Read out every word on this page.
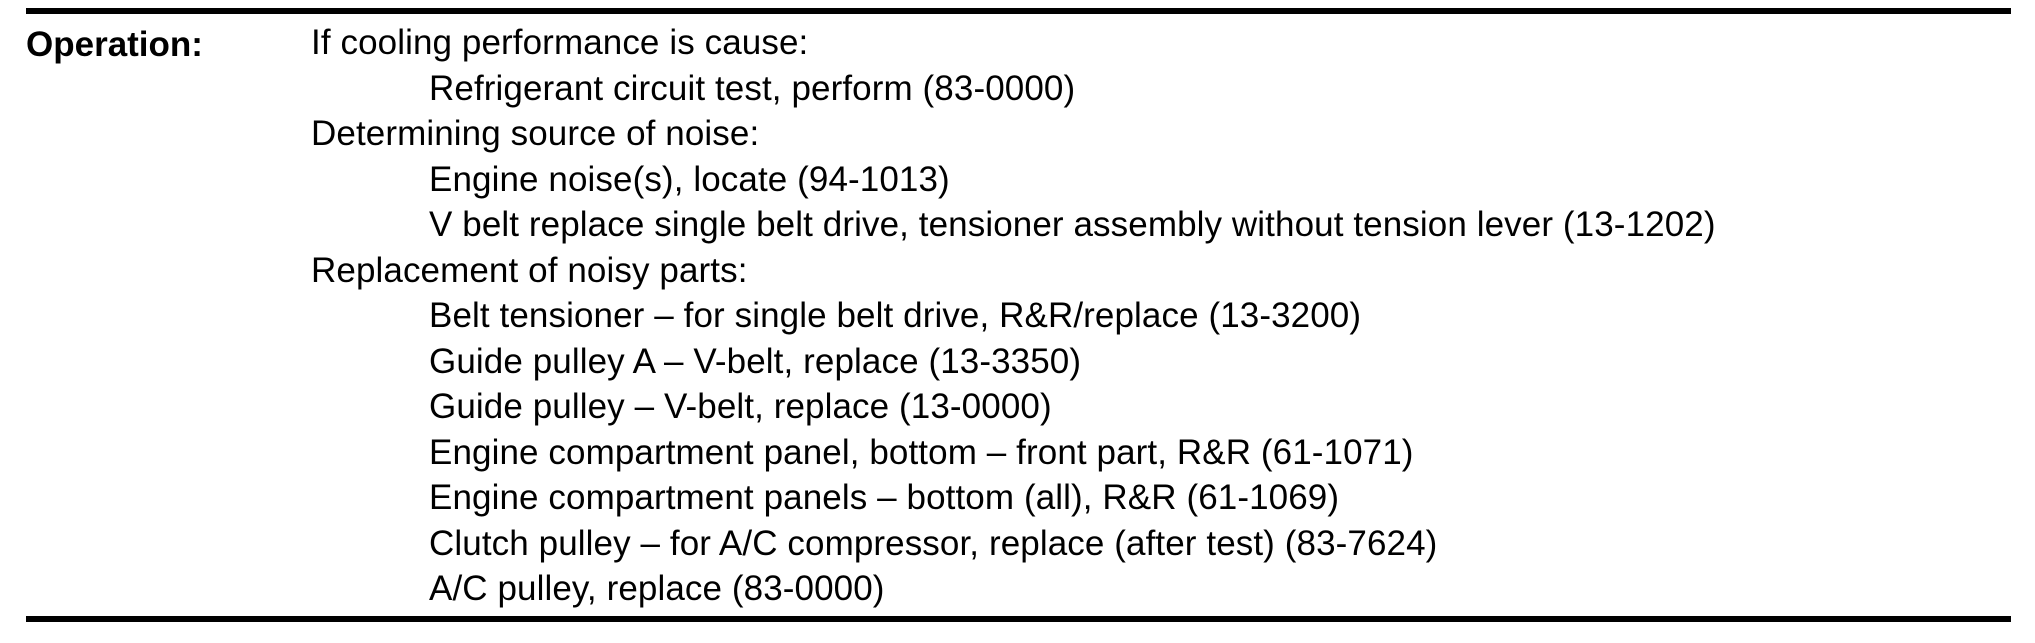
Operation:	If cooling performance is cause:
Refrigerant circuit test, perform (83-0000)
Determining source of noise:
Engine noise(s), locate (94-1013)
V belt replace single belt drive, tensioner assembly without tension lever (13-1202)
Replacement of noisy parts:
Belt tensioner – for single belt drive, R&R/replace (13-3200)
Guide pulley A – V-belt, replace (13-3350)
Guide pulley – V-belt, replace (13-0000)
Engine compartment panel, bottom – front part, R&R (61-1071)
Engine compartment panels – bottom (all), R&R (61-1069)
Clutch pulley – for A/C compressor, replace (after test) (83-7624)
A/C pulley, replace (83-0000)
